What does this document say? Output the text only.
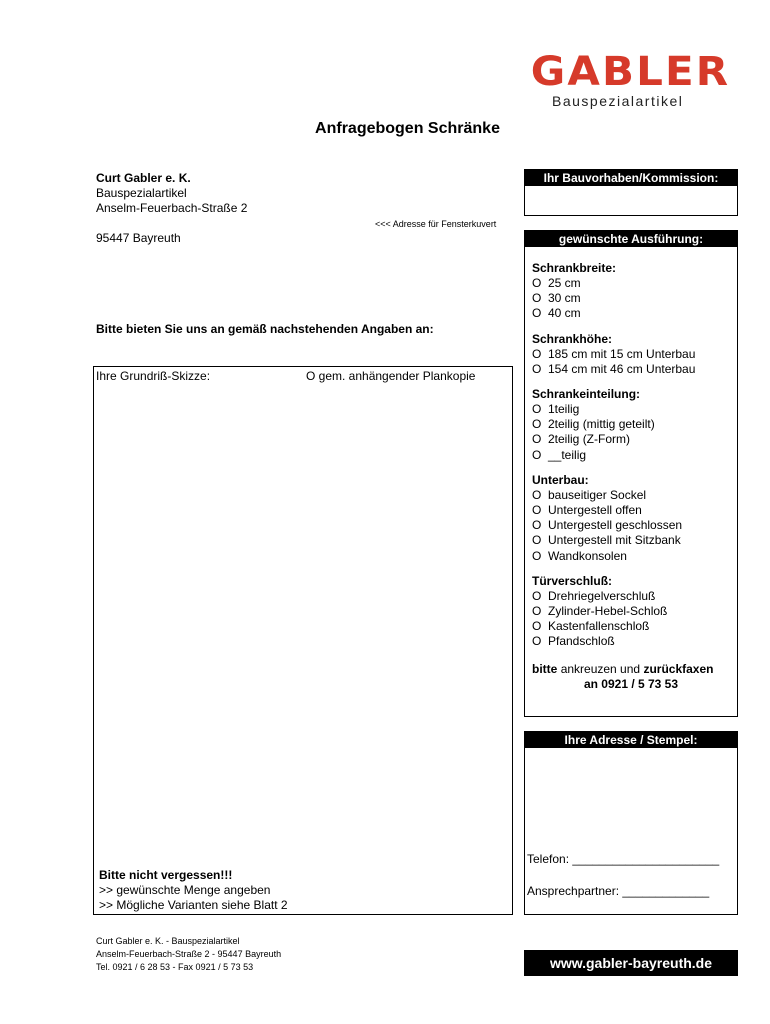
GABLER
Bauspezialartikel
Anfragebogen Schränke
Curt Gabler e. K.
Bauspezialartikel
Anselm-Feuerbach-Straße 2
<<< Adresse für Fensterkuvert
95447 Bayreuth
Bitte bieten Sie uns an gemäß nachstehenden Angaben an:
Ihre Grundriß-Skizze:	O gem. anhängender Plankopie
Bitte nicht vergessen!!!
>> gewünschte Menge angeben
>> Mögliche Varianten siehe Blatt 2
Ihr Bauvorhaben/Kommission:
gewünschte Ausführung:
Schrankbreite:
O 25 cm
O 30 cm
O 40 cm
Schrankhöhe:
O 185 cm mit 15 cm Unterbau
O 154 cm mit 46 cm Unterbau
Schrankeinteilung:
O 1teilig
O 2teilig (mittig geteilt)
O 2teilig (Z-Form)
O __teilig
Unterbau:
O bauseitiger Sockel
O Untergestell offen
O Untergestell geschlossen
O Untergestell mit Sitzbank
O Wandkonsolen
Türverschluß:
O Drehriegelverschluß
O Zylinder-Hebel-Schloß
O Kastenfallenschloß
O Pfandschloß
bitte ankreuzen und zurückfaxen
an 0921 / 5 73 53
Ihre Adresse / Stempel:
Telefon: ______________________
Ansprechpartner: _____________
Curt Gabler e. K. - Bauspezialartikel
Anselm-Feuerbach-Straße 2 - 95447 Bayreuth
Tel. 0921 / 6 28 53 - Fax 0921 / 5 73 53	www.gabler-bayreuth.de
